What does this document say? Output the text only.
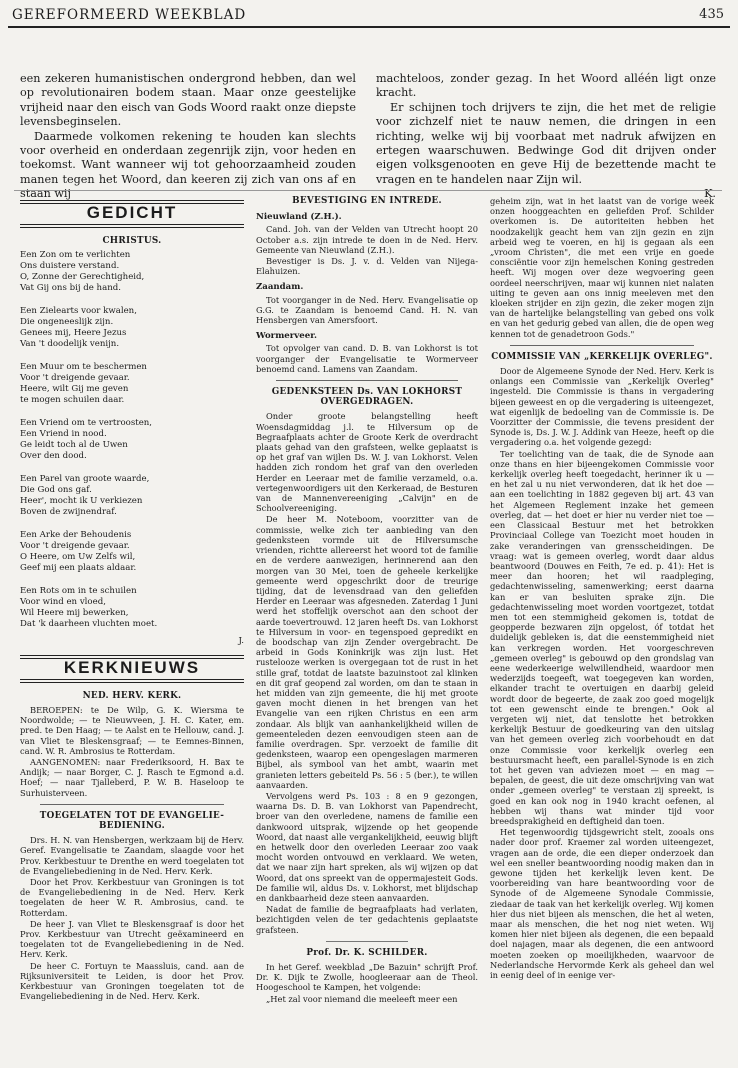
GEREFORMEERD WEEKBLAD	435

een zekeren humanistischen ondergrond hebben, dan wel op revolutionairen bodem staan. Maar onze geestelijke vrijheid naar den eisch van Gods Woord raakt onze diepste levensbeginselen.

Daarmede volkomen rekening te houden kan slechts voor overheid en onderdaan zegenrijk zijn, voor heden en toekomst. Want wanneer wij tot gehoorzaamheid zouden manen tegen het Woord, dan keeren zij zich van ons af en staan wij

machteloos, zonder gezag. In het Woord alléén ligt onze kracht.

Er schijnen toch drijvers te zijn, die het met de religie voor zichzelf niet te nauw nemen, die dringen in een richting, welke wij bij voorbaat met nadruk afwijzen en ertegen waarschuwen. Bedwinge God dit drijven onder eigen volksgenooten en geve Hij de bezettende macht te vragen en te handelen naar Zijn wil.

K.

GEDICHT
CHRISTUS.
Een Zon om te verlichten
Ons duistere verstand.
O, Zonne der Gerechtigheid,
Vat Gij ons bij de hand.
Een Zielearts voor kwalen,
Die ongeneeslijk zijn.
Genees mij, Heere Jezus
Van 't doodelijk venijn.
Een Muur om te beschermen
Voor 't dreigende gevaar.
Heere, wilt Gij me geven
te mogen schuilen daar.
Een Vriend om te vertroosten,
Een Vriend in nood.
Ge leidt toch al de Uwen
Over den dood.
Een Parel van groote waarde,
Die God ons gaf.
Heer', mocht ik U verkiezen
Boven de zwijnendraf.
Een Arke der Behoudenis
Voor 't dreigende gevaar.
O Heere, om Uw Zelfs wil,
Geef mij een plaats aldaar.
Een Rots om in te schuilen
Voor wind en vloed,
Wil Heere mij bewerken,
Dat 'k daarheen vluchten moet.
J.
KERKNIEUWS
NED. HERV. KERK.

BEROEPEN: te De Wilp, G. K. Wiersma te Noordwolde; — te Nieuwveen, J. H. C. Kater, em. pred. te Den Haag; — te Aalst en te Hellouw, cand. J. van Vliet te Bleskensgraaf; — te Eemnes-Binnen, cand. W. R. Ambrosius te Rotterdam.

AANGENOMEN: naar Frederiksoord, H. Bax te Andijk; — naar Borger, C. J. Rasch te Egmond a.d. Hoef; — naar Tjalleberd, P. W. B. Haseloop te Surhuisterveen.

TOEGELATEN TOT DE EVANGELIE-BEDIENING.

Drs. H. N. van Hensbergen, werkzaam bij de Herv. Geref. Evangelisatie te Zaandam, slaagde voor het Prov. Kerkbestuur te Drenthe en werd toegelaten tot de Evangeliebediening in de Ned. Herv. Kerk.

Door het Prov. Kerkbestuur van Groningen is tot de Evangeliebediening in de Ned. Herv. Kerk toegelaten de heer W. R. Ambrosius, cand. te Rotterdam.

De heer J. van Vliet te Bleskensgraaf is door het Prov. Kerkbestuur van Utrecht geëxamineerd en toegelaten tot de Evangeliebediening in de Ned. Herv. Kerk.

De heer C. Fortuyn te Maassluis, cand. aan de Rijksuniversiteit te Leiden, is door het Prov. Kerkbestuur van Groningen toegelaten tot de Evangeliebediening in de Ned. Herv. Kerk.

BEVESTIGING EN INTREDE.
Nieuwland (Z.H.).

Cand. Joh. van der Velden van Utrecht hoopt 20 October a.s. zijn intrede te doen in de Ned. Herv. Gemeente van Nieuwland (Z.H.).

Bevestiger is Ds. J. v. d. Velden van Nijega-Elahuizen.

Zaandam.

Tot voorganger in de Ned. Herv. Evangelisatie op G.G. te Zaandam is benoemd Cand. H. N. van Hensbergen van Amersfoort.

Wormerveer.

Tot opvolger van cand. D. B. van Lokhorst is tot voorganger der Evangelisatie te Wormerveer benoemd cand. Lamens van Zaandam.

GEDENKSTEEN Ds. VAN LOKHORST OVERGEDRAGEN.

Onder groote belangstelling heeft Woensdagmiddag j.l. te Hilversum op de Begraafplaats achter de Groote Kerk de overdracht plaats gehad van den grafsteen, welke geplaatst is op het graf van wijlen Ds. W. J. van Lokhorst. Velen hadden zich rondom het graf van den overleden Herder en Leeraar met de familie verzameld, o.a. vertegenwoordigers uit den Kerkeraad, de Besturen van de Mannenvereeniging „Calvijn" en de Schoolvereeniging.

De heer M. Noteboom, voorzitter van de commissie, welke zich ter aanbieding van den gedenksteen vormde uit de Hilversumsche vrienden, richtte allereerst het woord tot de familie en de verdere aanwezigen, herinnerend aan den morgen van 30 Mei, toen de geheele kerkelijke gemeente werd opgeschrikt door de treurige tijding, dat de levensdraad van den geliefden Herder en Leeraar was afgesneden. Zaterdag 1 Juni werd het stoffelijk overschot aan den schoot der aarde toevertrouwd. 12 jaren heeft Ds. van Lokhorst te Hilversum in voor- en tegenspoed gepredikt en de boodschap van zijn Zender overgebracht. De arbeid in Gods Koninkrijk was zijn lust. Het rustelooze werken is overgegaan tot de rust in het stille graf, totdat de laatste bazuinstoot zal klinken en dit graf geopend zal worden, om dan te staan in het midden van zijn gemeente, die hij met groote gaven mocht dienen in het brengen van het Evangelie van een rijken Christus en een arm zondaar. Als blijk van aanhankelijkheid willen de gemeenteleden dezen eenvoudigen steen aan de familie overdragen. Spr. verzoekt de familie dit gedenksteen, waarop een opengeslagen marmeren Bijbel, als symbool van het ambt, waarin met granieten letters gebeiteld Ps. 56 : 5 (ber.), te willen aanvaarden.

Vervolgens werd Ps. 103 : 8 en 9 gezongen, waarna Ds. D. B. van Lokhorst van Papendrecht, broer van den overledene, namens de familie een dankwoord uitsprak, wijzende op het geopende Woord, dat naast alle vergankelijkheid, eeuwig blijft en hetwelk door den overleden Leeraar zoo vaak mocht worden ontvouwd en verklaard. We weten, dat we naar zijn hart spreken, als wij wijzen op dat Woord, dat ons spreekt van de oppermajesteit Gods. De familie wil, aldus Ds. v. Lokhorst, met blijdschap en dankbaarheid deze steen aanvaarden.

Nadat de familie de begraafplaats had verlaten, bezichtigden velen de ter gedachtenis geplaatste grafsteen.

Prof. Dr. K. SCHILDER.

In het Geref. weekblad „De Bazuin" schrijft Prof. Dr. K. Dijk te Zwolle, hoogleeraar aan de Theol. Hoogeschool te Kampen, het volgende:

„Het zal voor niemand die meeleeft meer een

geheim zijn, wat in het laatst van de vorige week onzen hooggeachten en geliefden Prof. Schilder overkomen is. De autoriteiten hebben het noodzakelijk geacht hem van zijn gezin en zijn arbeid weg te voeren, en hij is gegaan als een „vroom Christen", die met een vrije en goede consciëntie voor zijn hemelschen Koning gestreden heeft. Wij mogen over deze wegvoering geen oordeel neerschrijven, maar wij kunnen niet nalaten uiting te geven aan ons innig meeleven met den kloeken strijder en zijn gezin, die zeker mogen zijn van de hartelijke belangstelling van gebed ons volk en van het gedurig gebed van allen, die de open weg kennen tot de genadetroon Gods."

COMMISSIE VAN „KERKELIJK OVERLEG".

Door de Algemeene Synode der Ned. Herv. Kerk is onlangs een Commissie van „Kerkelijk Overleg" ingesteld. Die Commissie is thans in vergadering bijeen geweest en op die vergadering is uiteengezet, wat eigenlijk de bedoeling van de Commissie is. De Voorzitter der Commissie, die tevens president der Synode is, Ds. J. W. J. Addink van Heeze, heeft op die vergadering o.a. het volgende gezegd:

Ter toelichting van de taak, die de Synode aan onze thans en hier bijeengekomen Commissie voor kerkelijk overleg heeft toegedacht, herinner ik u — en het zal u nu niet verwonderen, dat ik het doe — aan een toelichting in 1882 gegeven bij art. 43 van het Algemeen Reglement inzake het gemeen overleg, dat — het doet er hier nu verder niet toe — een Classicaal Bestuur met het betrokken Provinciaal College van Toezicht moet houden in zake veranderingen van grensscheidingen. De vraag: wat is gemeen overleg, wordt daar aldus beantwoord (Douwes en Feith, 7e ed. p. 41): Het is meer dan hooren; het wil raadpleging, gedachtenwisseling, samenwerking; eerst daarna kan er van besluiten sprake zijn. Die gedachtenwisseling moet worden voortgezet, totdat men tot een stemmigheid gekomen is, totdat de geopperde bezwaren zijn opgelost, óf totdat het duidelijk gebleken is, dat die eenstemmigheid niet kan verkregen worden. Het voorgeschreven „gemeen overleg" is gebouwd op den grondslag van eene wederkeerige welwillendheid, waardoor men wederzijds toegeeft, wat toegegeven kan worden, elkander tracht te overtuigen en daarbij geleid wordt door de begeerte, de zaak zoo goed mogelijk tot een gewenscht einde te brengen." Ook al vergeten wij niet, dat tenslotte het betrokken kerkelijk Bestuur de goedkeuring van den uitslag van het gemeen overleg zich voorbehoudt en dat onze Commissie voor kerkelijk overleg een bestuursmacht heeft, een parallel-Synode is en zich tot het geven van adviezen moet — en mag — bepalen, de geest, die uit deze omschrijving van wat onder „gemeen overleg" te verstaan zij spreekt, is goed en kan ook nog in 1940 kracht oefenen, al hebben wij thans wat minder tijd voor breedsprakigheid en deftigheid dan toen.

Het tegenwoordig tijdsgewricht stelt, zooals ons nader door prof. Kraemer zal worden uiteengezet, vragen aan de orde, die een dieper onderzoek dan wel een sneller beantwoording noodig maken dan in gewone tijden het kerkelijk leven kent. De voorbereiding van hare beantwoording voor de Synode of de Algemeene Synodale Commissie, ziedaar de taak van het kerkelijk overleg. Wij komen hier dus niet bijeen als menschen, die het al weten, maar als menschen, die het nog niet weten. Wij komen hier niet bijeen als degenen, die een bepaald doel najagen, maar als degenen, die een antwoord moeten zoeken op moeilijkheden, waarvoor de Nederlandsche Hervormde Kerk als geheel dan wel in eenig deel of in eenige ver-
